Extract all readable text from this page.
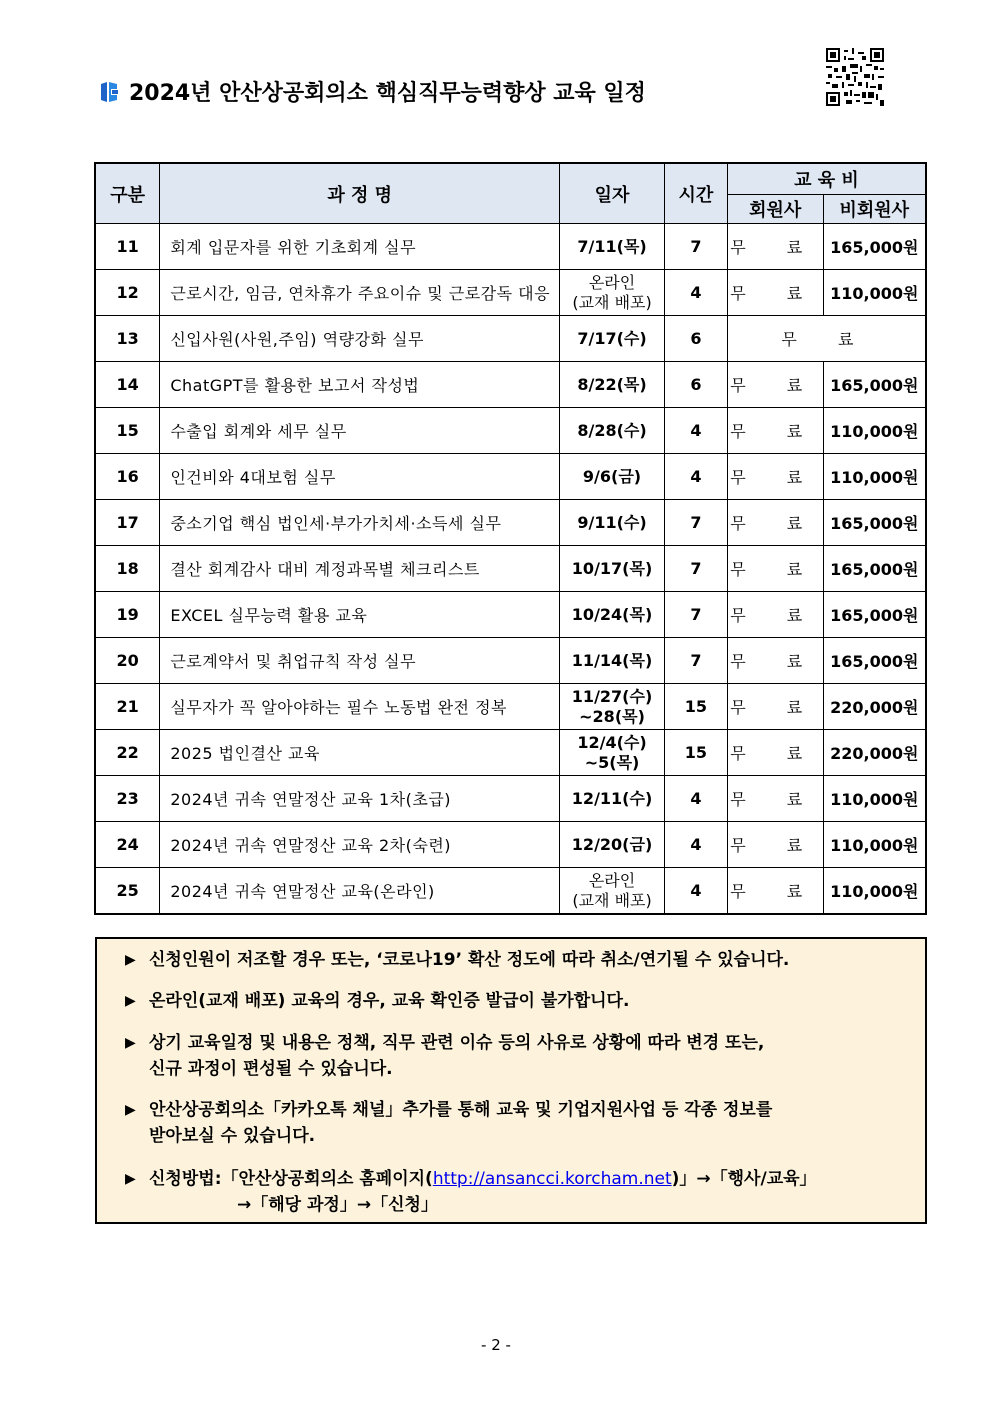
2024년 안산상공회의소 핵심직무능력향상 교육 일정
구분	과 정 명	일자	시간	교 육 비	
				회원사	비회원사
11	회계 입문자를 위한 기초회계 실무	7/11(목)	7	무 료	165,000원
12	근로시간, 임금, 연차휴가 주요이슈 및 근로감독 대응	온라인
(교재 배포)	4	무 료	110,000원
13	신입사원(사원,주임) 역량강화 실무	7/17(수)	6	무 료	
14	ChatGPT를 활용한 보고서 작성법	8/22(목)	6	무 료	165,000원
15	수출입 회계와 세무 실무	8/28(수)	4	무 료	110,000원
16	인건비와 4대보험 실무	9/6(금)	4	무 료	110,000원
17	중소기업 핵심 법인세·부가가치세·소득세 실무	9/11(수)	7	무 료	165,000원
18	결산 회계감사 대비 계정과목별 체크리스트	10/17(목)	7	무 료	165,000원
19	EXCEL 실무능력 활용 교육	10/24(목)	7	무 료	165,000원
20	근로계약서 및 취업규칙 작성 실무	11/14(목)	7	무 료	165,000원
21	실무자가 꼭 알아야하는 필수 노동법 완전 정복	11/27(수)
~28(목)	15	무 료	220,000원
22	2025 법인결산 교육	12/4(수)
~5(목)	15	무 료	220,000원
23	2024년 귀속 연말정산 교육 1차(초급)	12/11(수)	4	무 료	110,000원
24	2024년 귀속 연말정산 교육 2차(숙련)	12/20(금)	4	무 료	110,000원
25	2024년 귀속 연말정산 교육(온라인)	온라인
(교재 배포)	4	무 료	110,000원
▶ 신청인원이 저조할 경우 또는, ‘코로나19’ 확산 정도에 따라 취소/연기될 수 있습니다.
▶ 온라인(교재 배포) 교육의 경우, 교육 확인증 발급이 불가합니다.
▶ 상기 교육일정 및 내용은 정책, 직무 관련 이슈 등의 사유로 상황에 따라 변경 또는,
신규 과정이 편성될 수 있습니다.
▶ 안산상공회의소「카카오톡 채널」추가를 통해 교육 및 기업지원사업 등 각종 정보를
받아보실 수 있습니다.
▶ 신청방법:「안산상공회의소 홈페이지(http://ansancci.korcham.net)」→「행사/교육」
→「해당 과정」→「신청」
- 2 -
